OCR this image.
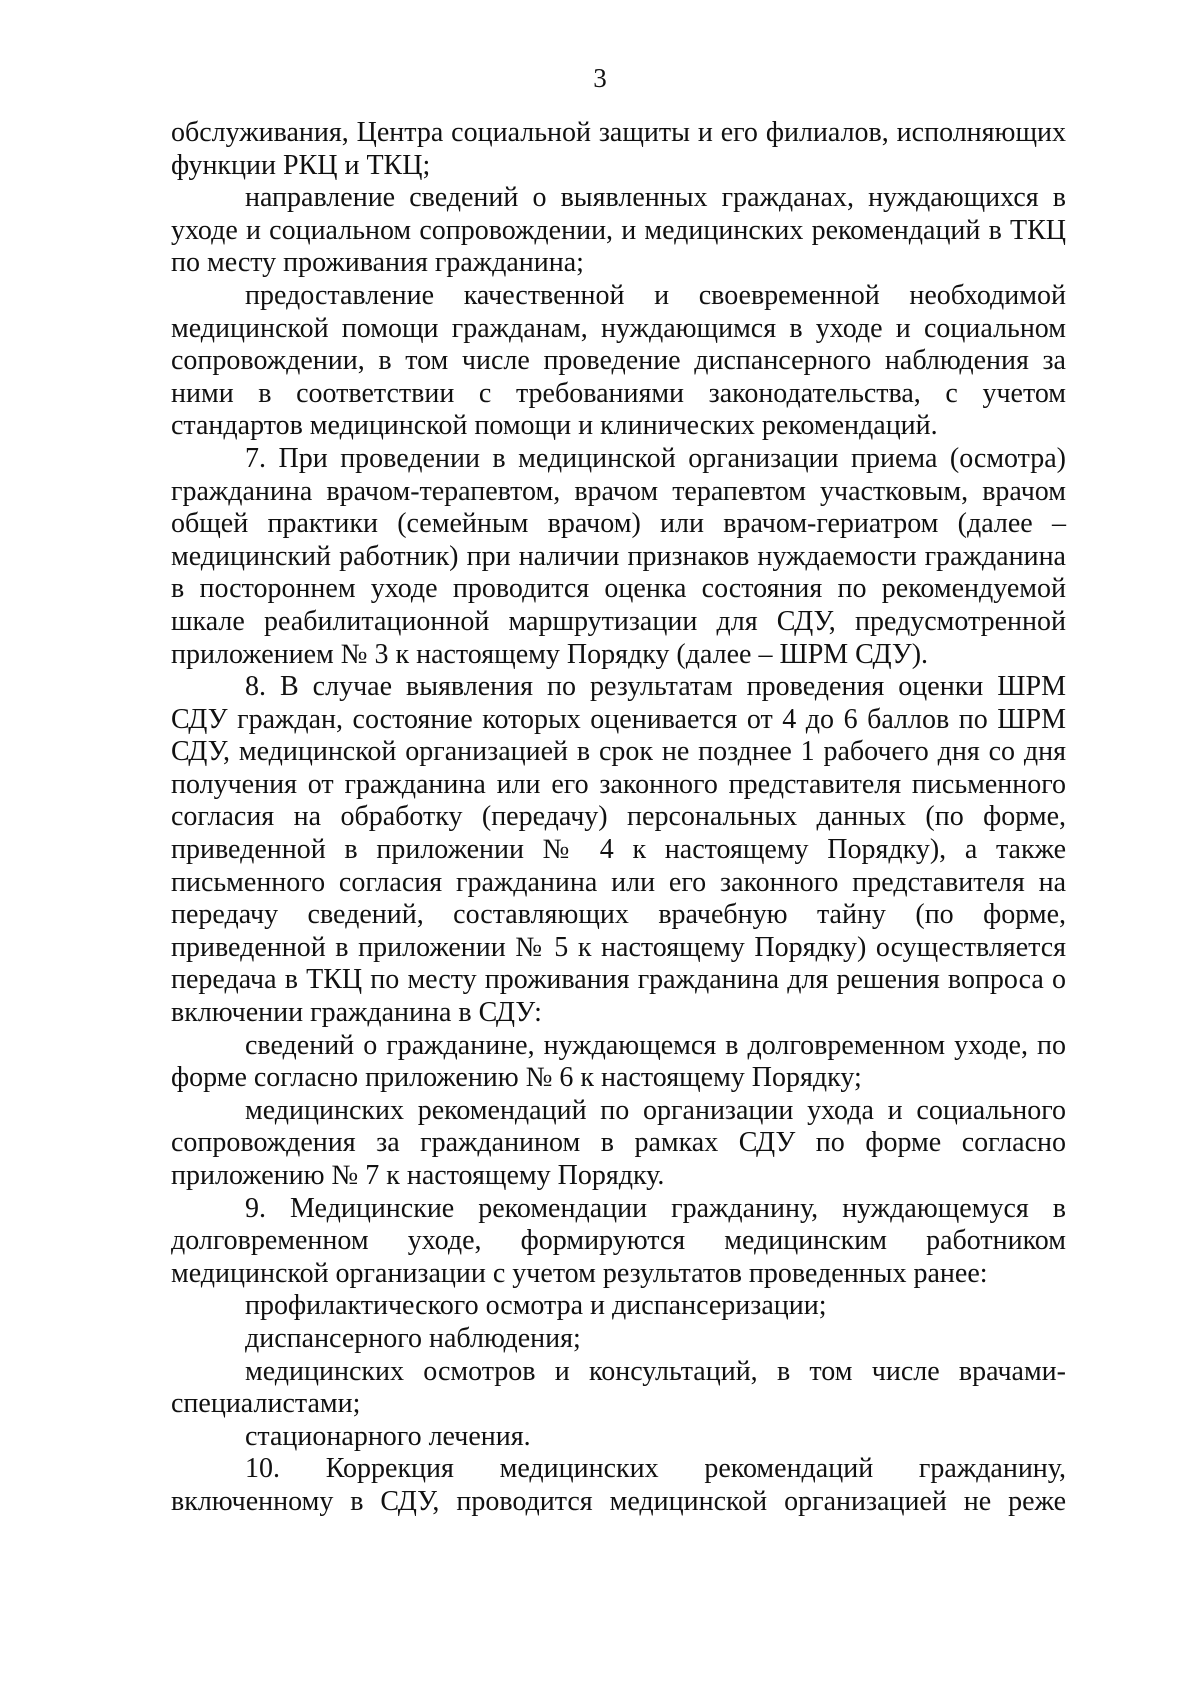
3

обслуживания, Центра социальной защиты и его филиалов, исполняющих функции РКЦ и ТКЦ;

направление сведений о выявленных гражданах, нуждающихся в уходе и социальном сопровождении, и медицинских рекомендаций в ТКЦ по месту проживания гражданина;

предоставление качественной и своевременной необходимой медицинской помощи гражданам, нуждающимся в уходе и социальном сопровождении, в том числе проведение диспансерного наблюдения за ними в соответствии с требованиями законодательства, с учетом стандартов медицинской помощи и клинических рекомендаций.

7. При проведении в медицинской организации приема (осмотра) гражданина врачом-терапевтом, врачом терапевтом участковым, врачом общей практики (семейным врачом) или врачом-гериатром (далее – медицинский работник) при наличии признаков нуждаемости гражданина в постороннем уходе проводится оценка состояния по рекомендуемой шкале реабилитационной маршрутизации для СДУ, предусмотренной приложением № 3 к настоящему Порядку (далее – ШРМ СДУ).

8. В случае выявления по результатам проведения оценки ШРМ СДУ граждан, состояние которых оценивается от 4 до 6 баллов по ШРМ СДУ, медицинской организацией в срок не позднее 1 рабочего дня со дня получения от гражданина или его законного представителя письменного согласия на обработку (передачу) персональных данных (по форме, приведенной в приложении № 4 к настоящему Порядку), а также письменного согласия гражданина или его законного представителя на передачу сведений, составляющих врачебную тайну (по форме, приведенной в приложении № 5 к настоящему Порядку) осуществляется передача в ТКЦ по месту проживания гражданина для решения вопроса о включении гражданина в СДУ:

сведений о гражданине, нуждающемся в долговременном уходе, по форме согласно приложению № 6 к настоящему Порядку;

медицинских рекомендаций по организации ухода и социального сопровождения за гражданином в рамках СДУ по форме согласно приложению № 7 к настоящему Порядку.

9. Медицинские рекомендации гражданину, нуждающемуся в долговременном уходе, формируются медицинским работником медицинской организации с учетом результатов проведенных ранее:

профилактического осмотра и диспансеризации;

диспансерного наблюдения;

медицинских осмотров и консультаций, в том числе врачами-специалистами;

стационарного лечения.

10. Коррекция медицинских рекомендаций гражданину, включенному в СДУ, проводится медицинской организацией не реже
